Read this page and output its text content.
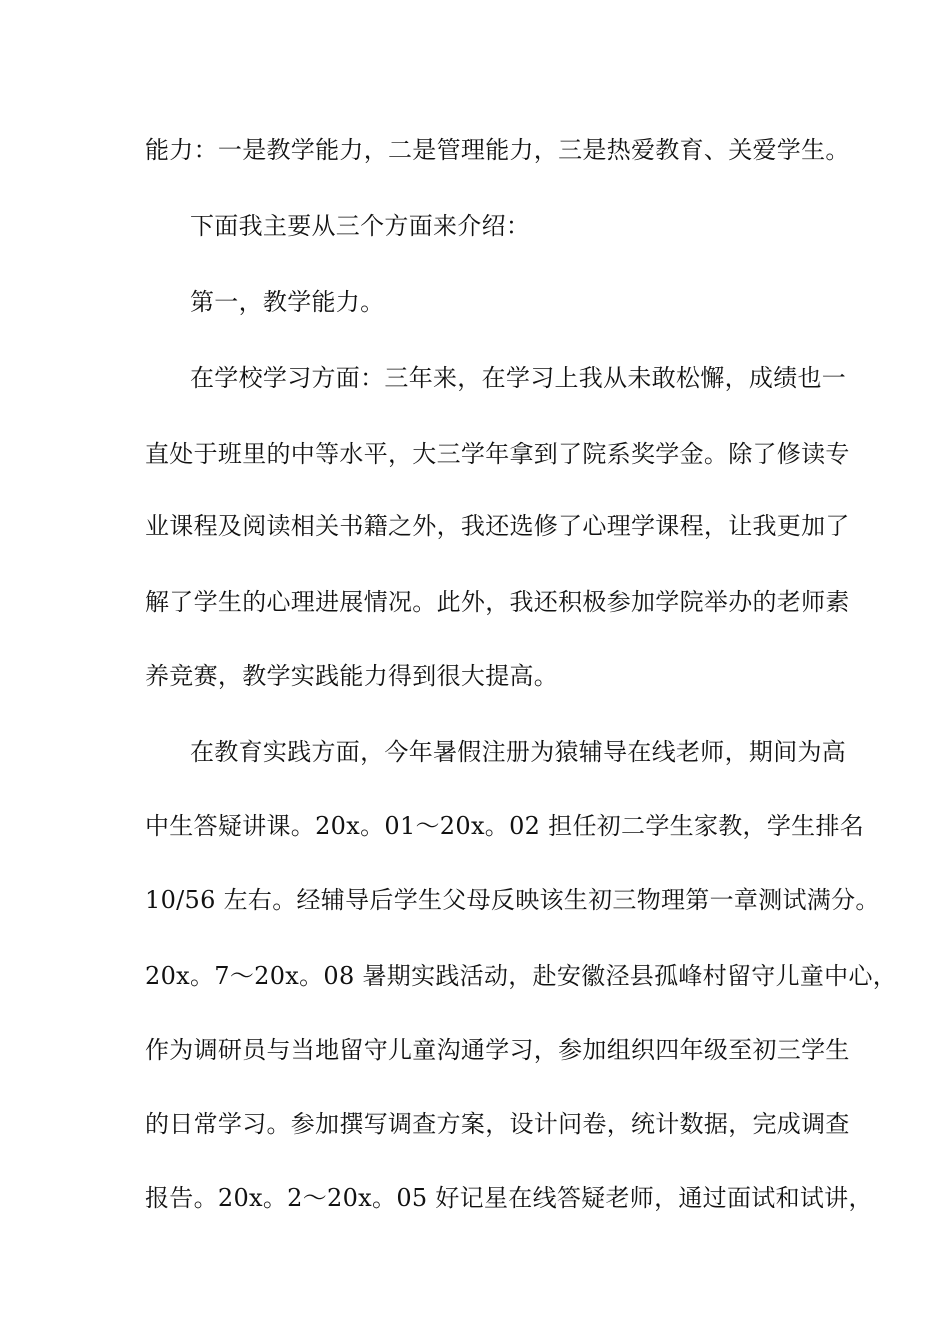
能力：一是教学能力，二是管理能力，三是热爱教育、关爱学生。
下面我主要从三个方面来介绍：
第一，教学能力。
在学校学习方面：三年来，在学习上我从未敢松懈，成绩也一
直处于班里的中等水平，大三学年拿到了院系奖学金。除了修读专
业课程及阅读相关书籍之外，我还选修了心理学课程，让我更加了
解了学生的心理进展情况。此外，我还积极参加学院举办的老师素
养竞赛，教学实践能力得到很大提高。
在教育实践方面，今年暑假注册为猿辅导在线老师，期间为高
中生答疑讲课。20x。01～20x。02 担任初二学生家教，学生排名
10/56 左右。经辅导后学生父母反映该生初三物理第一章测试满分。
20x。7～20x。08 暑期实践活动，赴安徽泾县孤峰村留守儿童中心，
作为调研员与当地留守儿童沟通学习，参加组织四年级至初三学生
的日常学习。参加撰写调查方案，设计问卷，统计数据，完成调查
报告。20x。2～20x。05 好记星在线答疑老师，通过面试和试讲，
